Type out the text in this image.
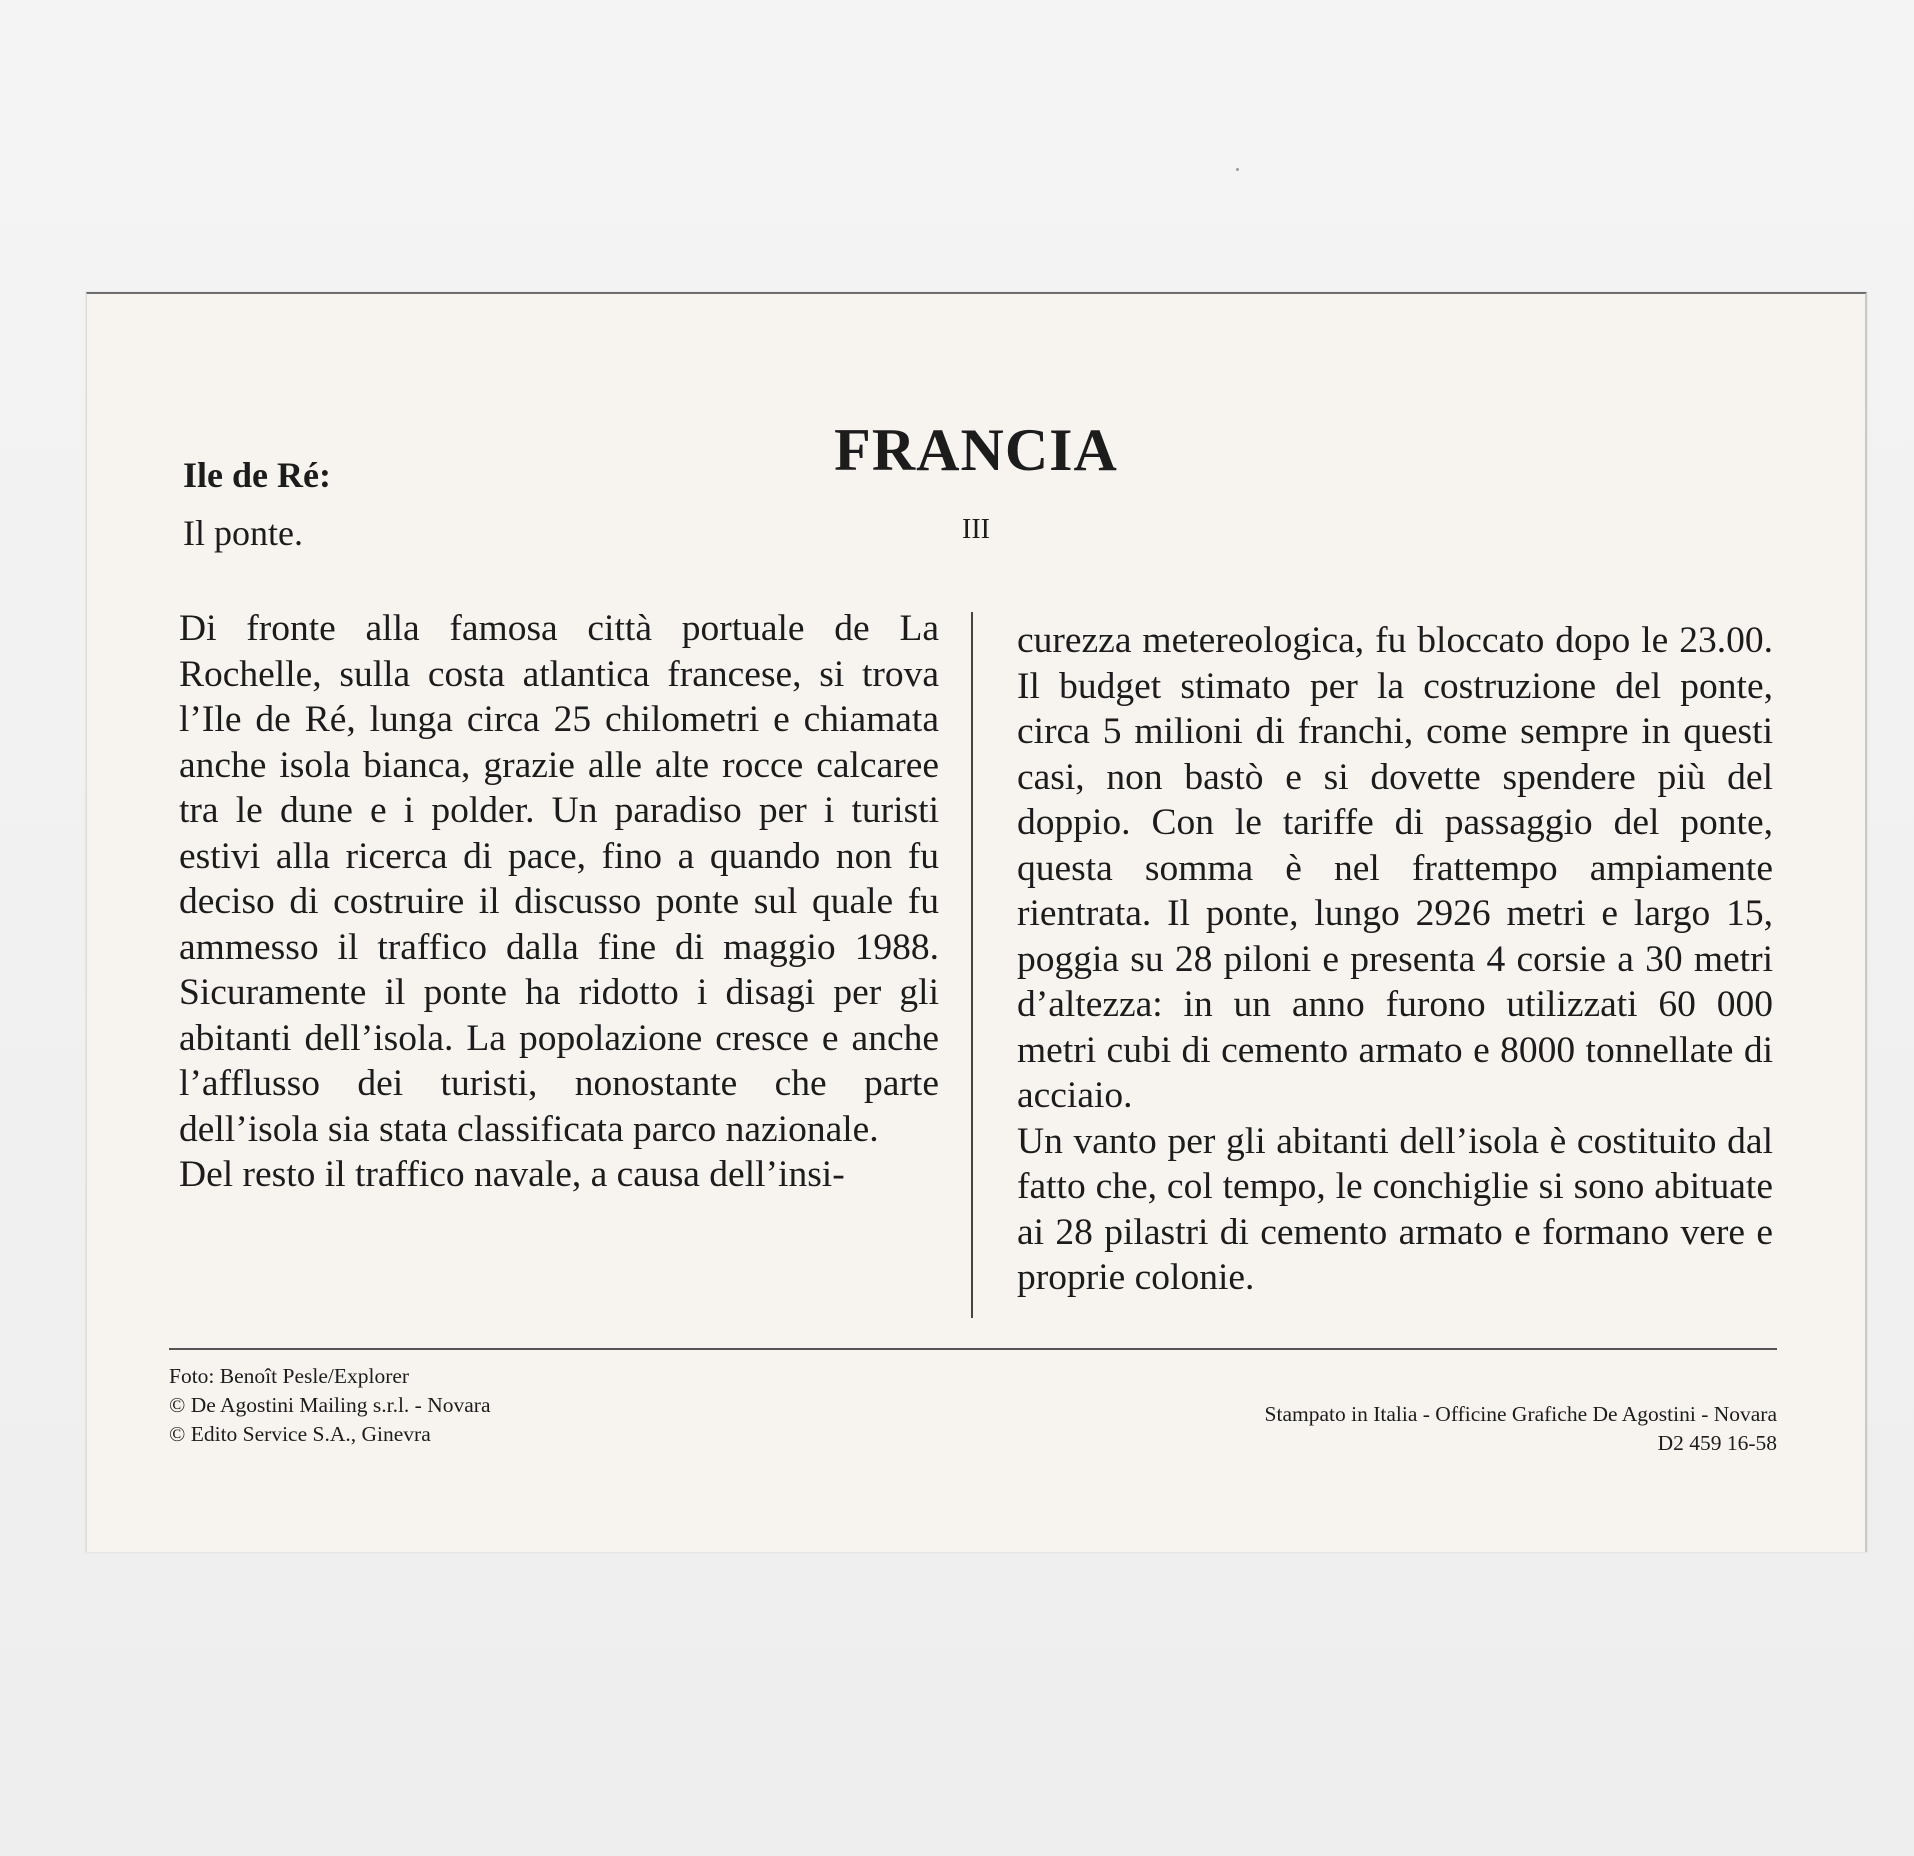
FRANCIA
Ile de Ré:
Il ponte.	III

Di fronte alla famosa città portuale de La Rochelle, sulla costa atlantica francese, si trova l’Ile de Ré, lunga circa 25 chilometri e chiamata anche isola bianca, grazie alle alte rocce calcaree tra le dune e i polder. Un paradiso per i turisti estivi alla ricerca di pace, fino a quando non fu deciso di costruire il discusso ponte sul quale fu ammesso il traffico dalla fine di maggio 1988. Sicuramente il ponte ha ridotto i disagi per gli abitanti dell’isola. La popolazione cresce e anche l’afflusso dei turisti, nonostante che parte dell’isola sia stata classificata parco nazionale.

Del resto il traffico navale, a causa dell’insi-

curezza metereologica, fu bloccato dopo le 23.00. Il budget stimato per la costruzione del ponte, circa 5 milioni di franchi, come sempre in questi casi, non bastò e si dovette spendere più del doppio. Con le tariffe di passaggio del ponte, questa somma è nel frattempo ampiamente rientrata. Il ponte, lungo 2926 metri e largo 15, poggia su 28 piloni e presenta 4 corsie a 30 metri d’altezza: in un anno furono utilizzati 60 000 metri cubi di cemento armato e 8000 tonnellate di acciaio.

Un vanto per gli abitanti dell’isola è costituito dal fatto che, col tempo, le conchiglie si sono abituate ai 28 pilastri di cemento armato e formano vere e proprie colonie.

Foto: Benoît Pesle/Explorer
© De Agostini Mailing s.r.l. - Novara
© Edito Service S.A., Ginevra
Stampato in Italia - Officine Grafiche De Agostini - Novara
D2 459 16-58
